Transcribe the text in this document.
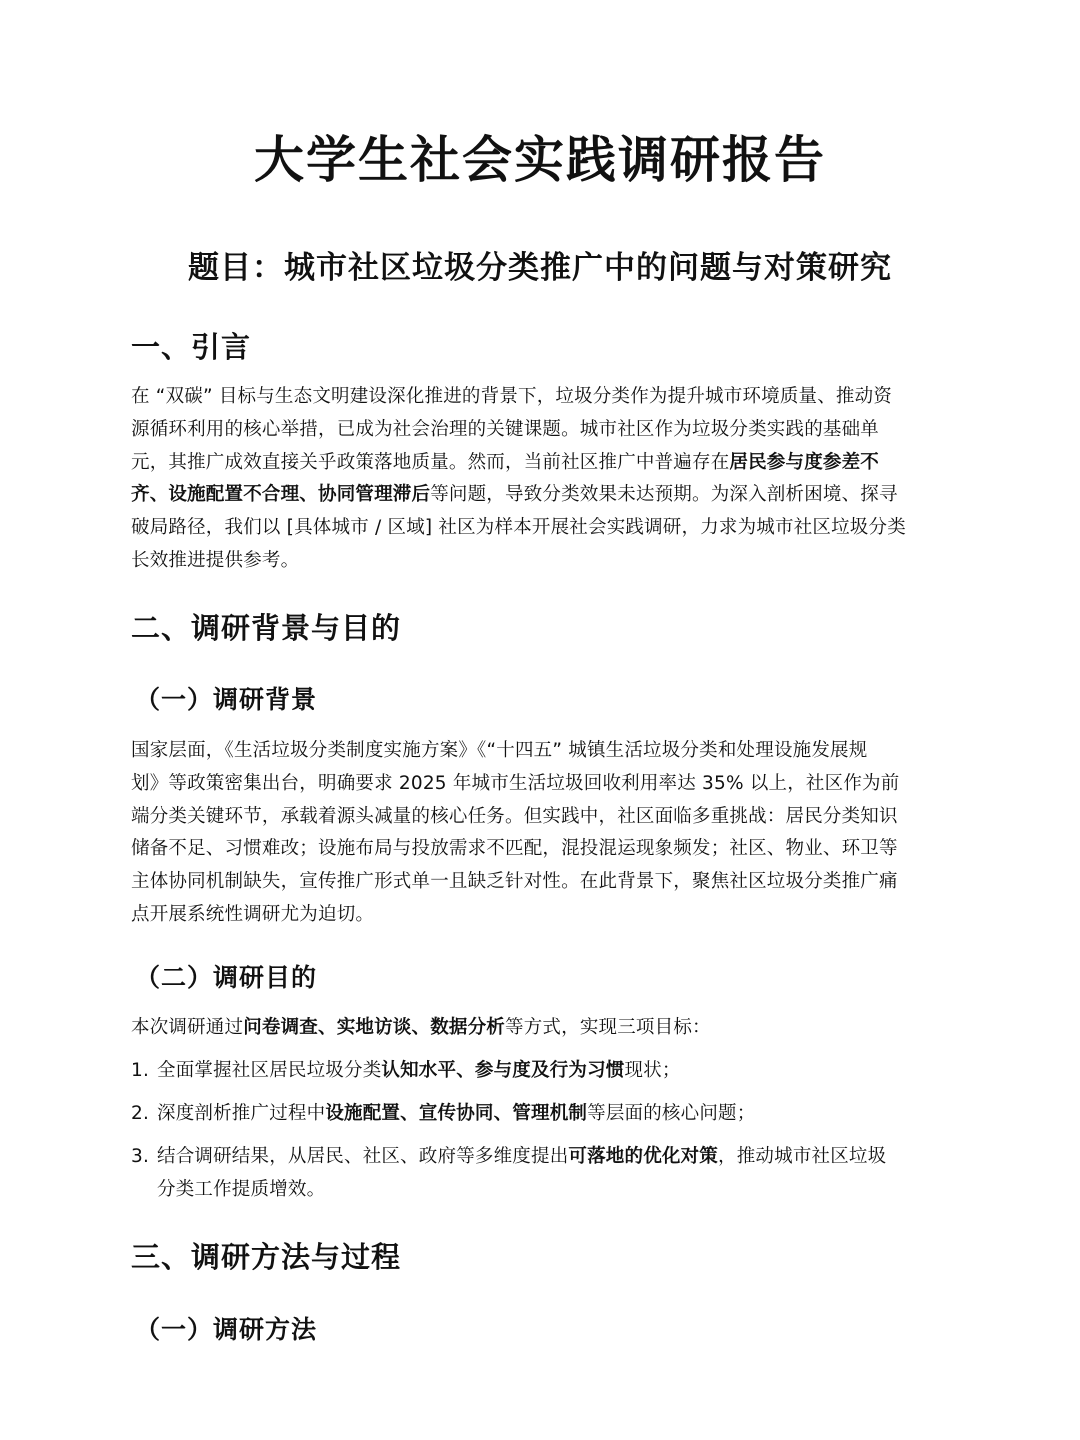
大学生社会实践调研报告
题目：城市社区垃圾分类推广中的问题与对策研究
一、引言
在 “双碳” 目标与生态文明建设深化推进的背景下，垃圾分类作为提升城市环境质量、推动资
源循环利用的核心举措，已成为社会治理的关键课题。城市社区作为垃圾分类实践的基础单
元，其推广成效直接关乎政策落地质量。然而，当前社区推广中普遍存在居民参与度参差不
齐、设施配置不合理、协同管理滞后等问题，导致分类效果未达预期。为深入剖析困境、探寻
破局路径，我们以 [具体城市 / 区域] 社区为样本开展社会实践调研，力求为城市社区垃圾分类
长效推进提供参考。
二、调研背景与目的
（一）调研背景
国家层面，《生活垃圾分类制度实施方案》《“十四五” 城镇生活垃圾分类和处理设施发展规
划》等政策密集出台，明确要求 2025 年城市生活垃圾回收利用率达 35% 以上，社区作为前
端分类关键环节，承载着源头减量的核心任务。但实践中，社区面临多重挑战：居民分类知识
储备不足、习惯难改；设施布局与投放需求不匹配，混投混运现象频发；社区、物业、环卫等
主体协同机制缺失，宣传推广形式单一且缺乏针对性。在此背景下，聚焦社区垃圾分类推广痛
点开展系统性调研尤为迫切。
（二）调研目的
本次调研通过问卷调查、实地访谈、数据分析等方式，实现三项目标：
1. 全面掌握社区居民垃圾分类认知水平、参与度及行为习惯现状；
2. 深度剖析推广过程中设施配置、宣传协同、管理机制等层面的核心问题；
3. 结合调研结果，从居民、社区、政府等多维度提出可落地的优化对策，推动城市社区垃圾
分类工作提质增效。
三、调研方法与过程
（一）调研方法
